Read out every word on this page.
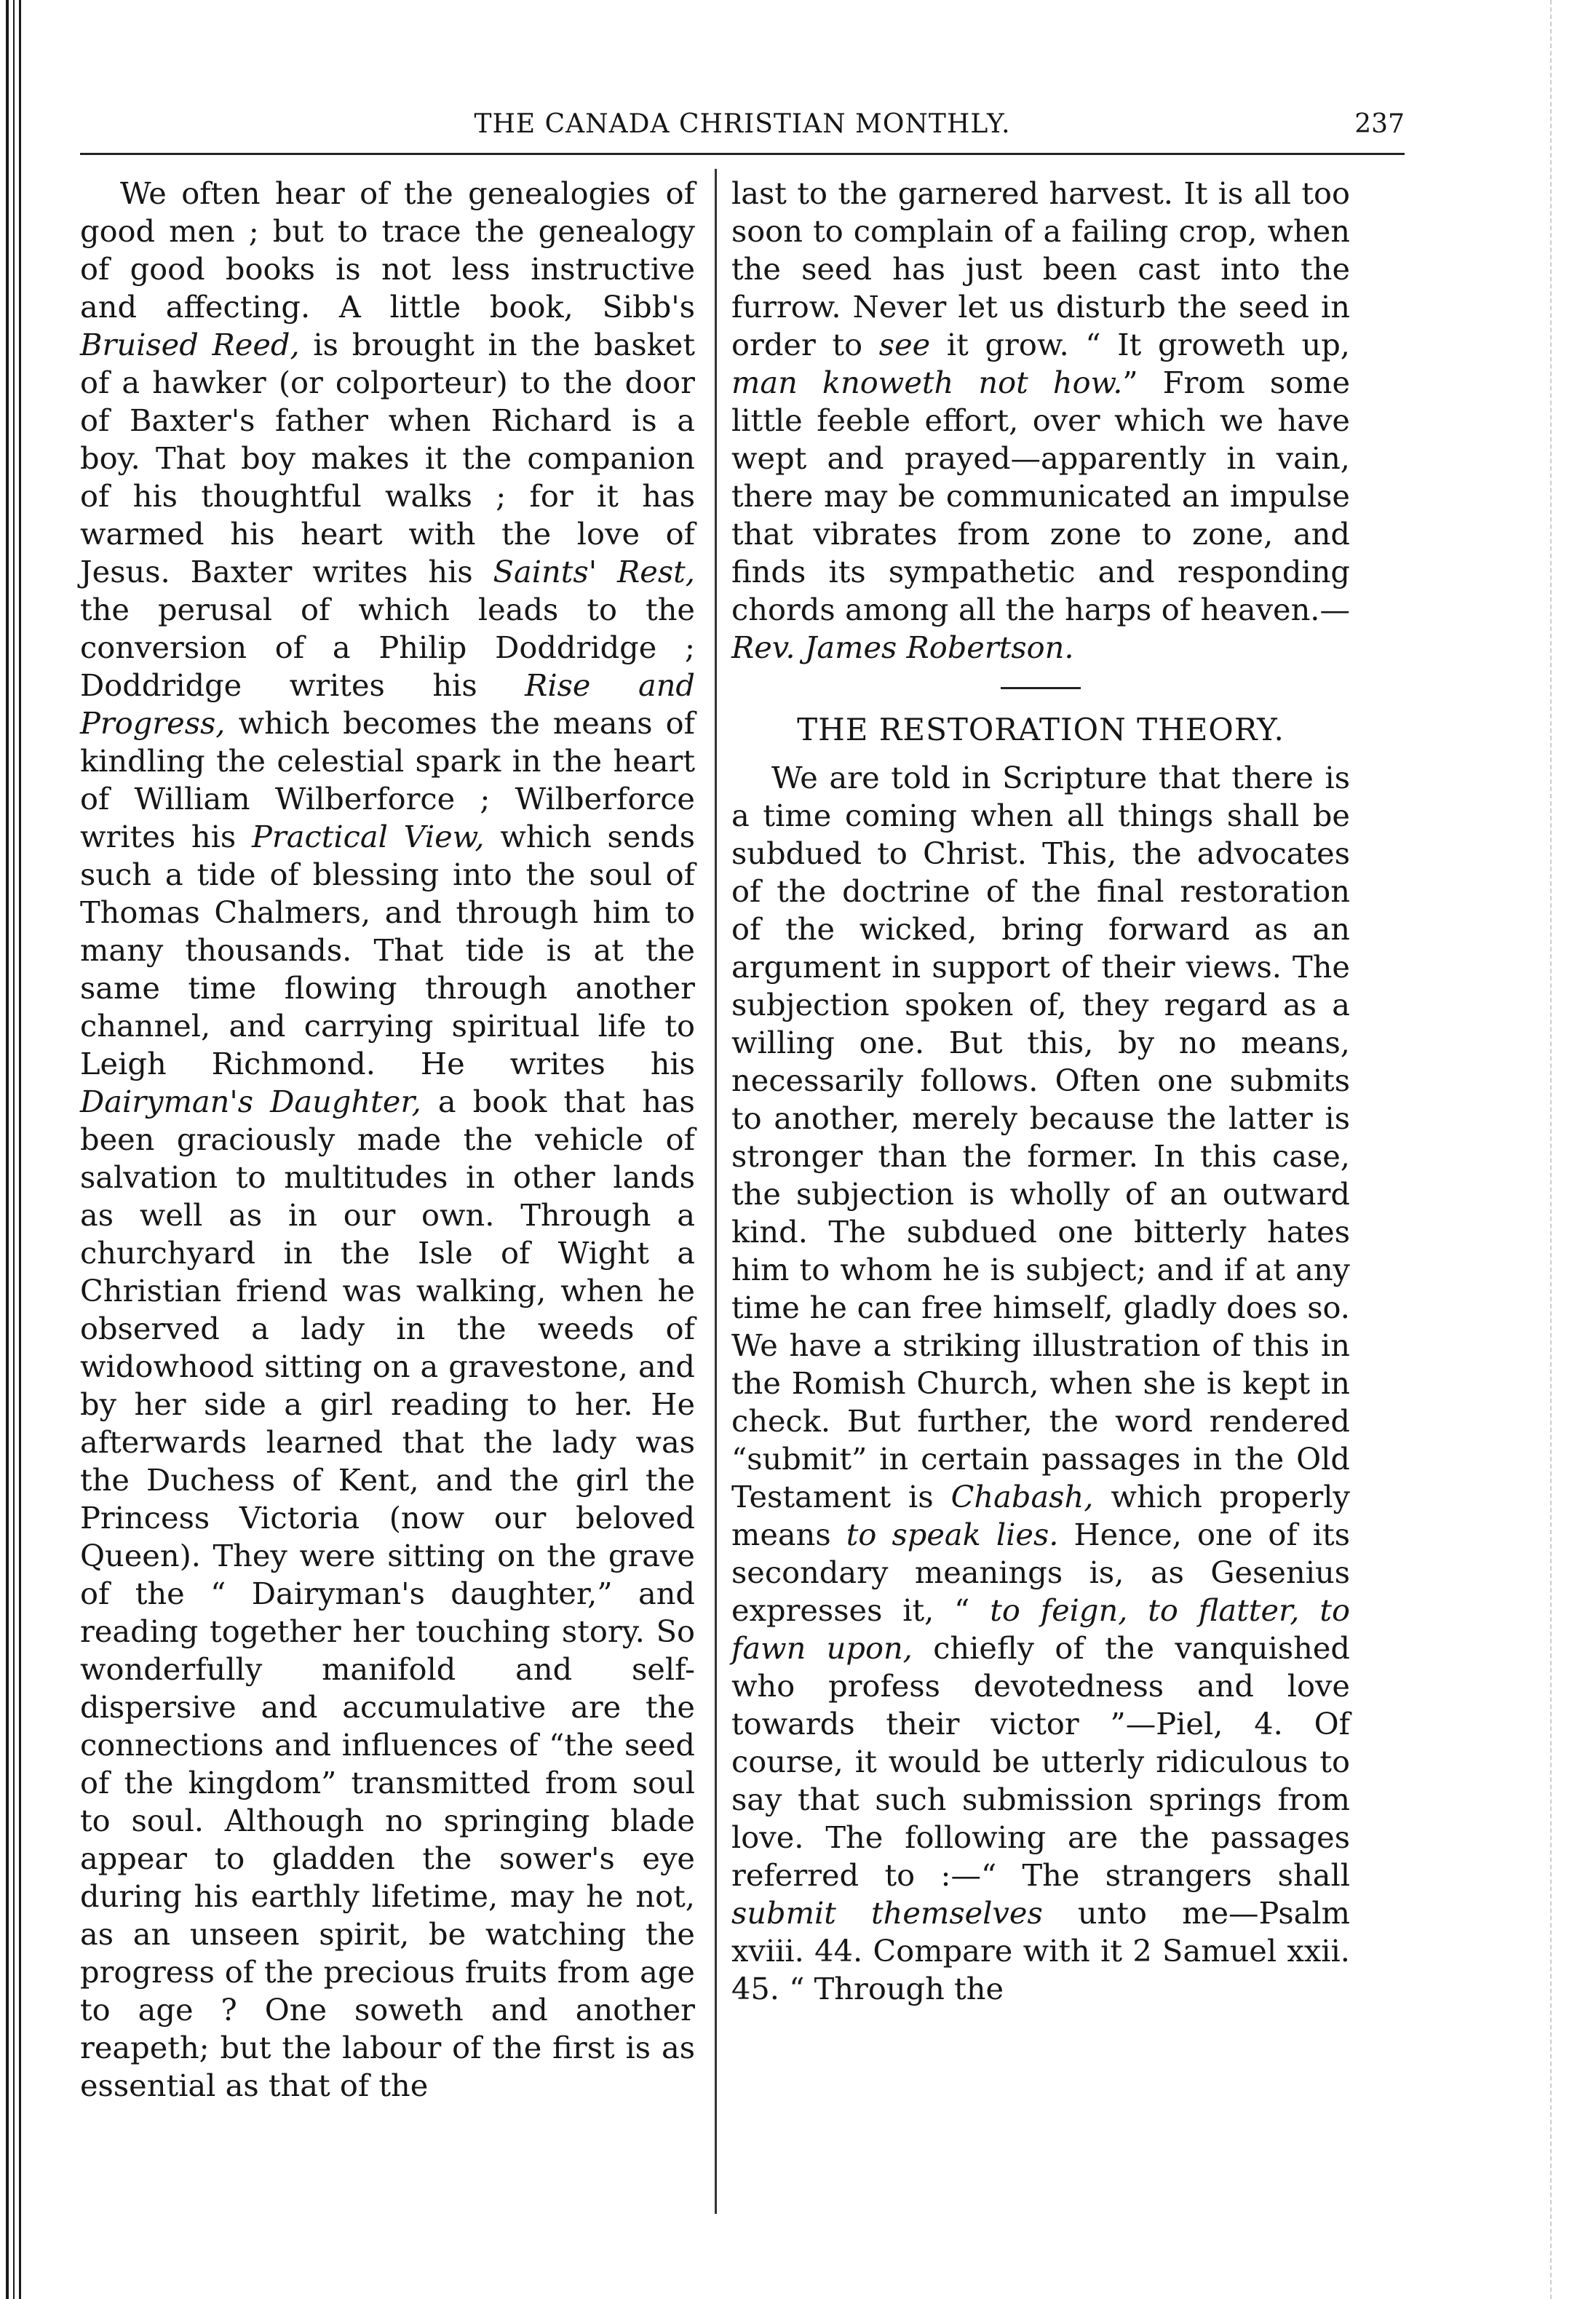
THE CANADA CHRISTIAN MONTHLY.	237

We often hear of the genealogies of good men ; but to trace the genealogy of good books is not less instructive and affecting. A little book, Sibb's Bruised Reed, is brought in the basket of a hawker (or colporteur) to the door of Baxter's father when Richard is a boy. That boy makes it the companion of his thoughtful walks ; for it has warmed his heart with the love of Jesus. Baxter writes his Saints' Rest, the perusal of which leads to the conversion of a Philip Doddridge ; Doddridge writes his Rise and Progress, which becomes the means of kindling the celestial spark in the heart of William Wilberforce ; Wilberforce writes his Practical View, which sends such a tide of blessing into the soul of Thomas Chalmers, and through him to many thousands. That tide is at the same time flowing through another channel, and carrying spiritual life to Leigh Richmond. He writes his Dairyman's Daughter, a book that has been graciously made the vehicle of salvation to multitudes in other lands as well as in our own. Through a churchyard in the Isle of Wight a Christian friend was walking, when he observed a lady in the weeds of widowhood sitting on a gravestone, and by her side a girl reading to her. He afterwards learned that the lady was the Duchess of Kent, and the girl the Princess Victoria (now our beloved Queen). They were sitting on the grave of the “ Dairyman's daughter,” and reading together her touching story. So wonderfully manifold and self-dispersive and accumulative are the connections and influences of “the seed of the kingdom” transmitted from soul to soul. Although no springing blade appear to gladden the sower's eye during his earthly lifetime, may he not, as an unseen spirit, be watching the progress of the precious fruits from age to age ? One soweth and another reapeth; but the labour of the first is as essential as that of the

last to the garnered harvest. It is all too soon to complain of a failing crop, when the seed has just been cast into the furrow. Never let us disturb the seed in order to see it grow. “ It groweth up, man knoweth not how.” From some little feeble effort, over which we have wept and prayed—apparently in vain, there may be communicated an impulse that vibrates from zone to zone, and finds its sympathetic and responding chords among all the harps of heaven.—Rev. James Robertson.

THE RESTORATION THEORY.

We are told in Scripture that there is a time coming when all things shall be subdued to Christ. This, the advocates of the doctrine of the final restoration of the wicked, bring forward as an argument in support of their views. The subjection spoken of, they regard as a willing one. But this, by no means, necessarily follows. Often one submits to another, merely because the latter is stronger than the former. In this case, the subjection is wholly of an outward kind. The subdued one bitterly hates him to whom he is subject; and if at any time he can free himself, gladly does so. We have a striking illustration of this in the Romish Church, when she is kept in check. But further, the word rendered “submit” in certain passages in the Old Testament is Chabash, which properly means to speak lies. Hence, one of its secondary meanings is, as Gesenius expresses it, “ to feign, to flatter, to fawn upon, chiefly of the vanquished who profess devotedness and love towards their victor ”—Piel, 4. Of course, it would be utterly ridiculous to say that such submission springs from love. The following are the passages referred to :—“ The strangers shall submit themselves unto me—Psalm xviii. 44. Compare with it 2 Samuel xxii. 45. “ Through the
